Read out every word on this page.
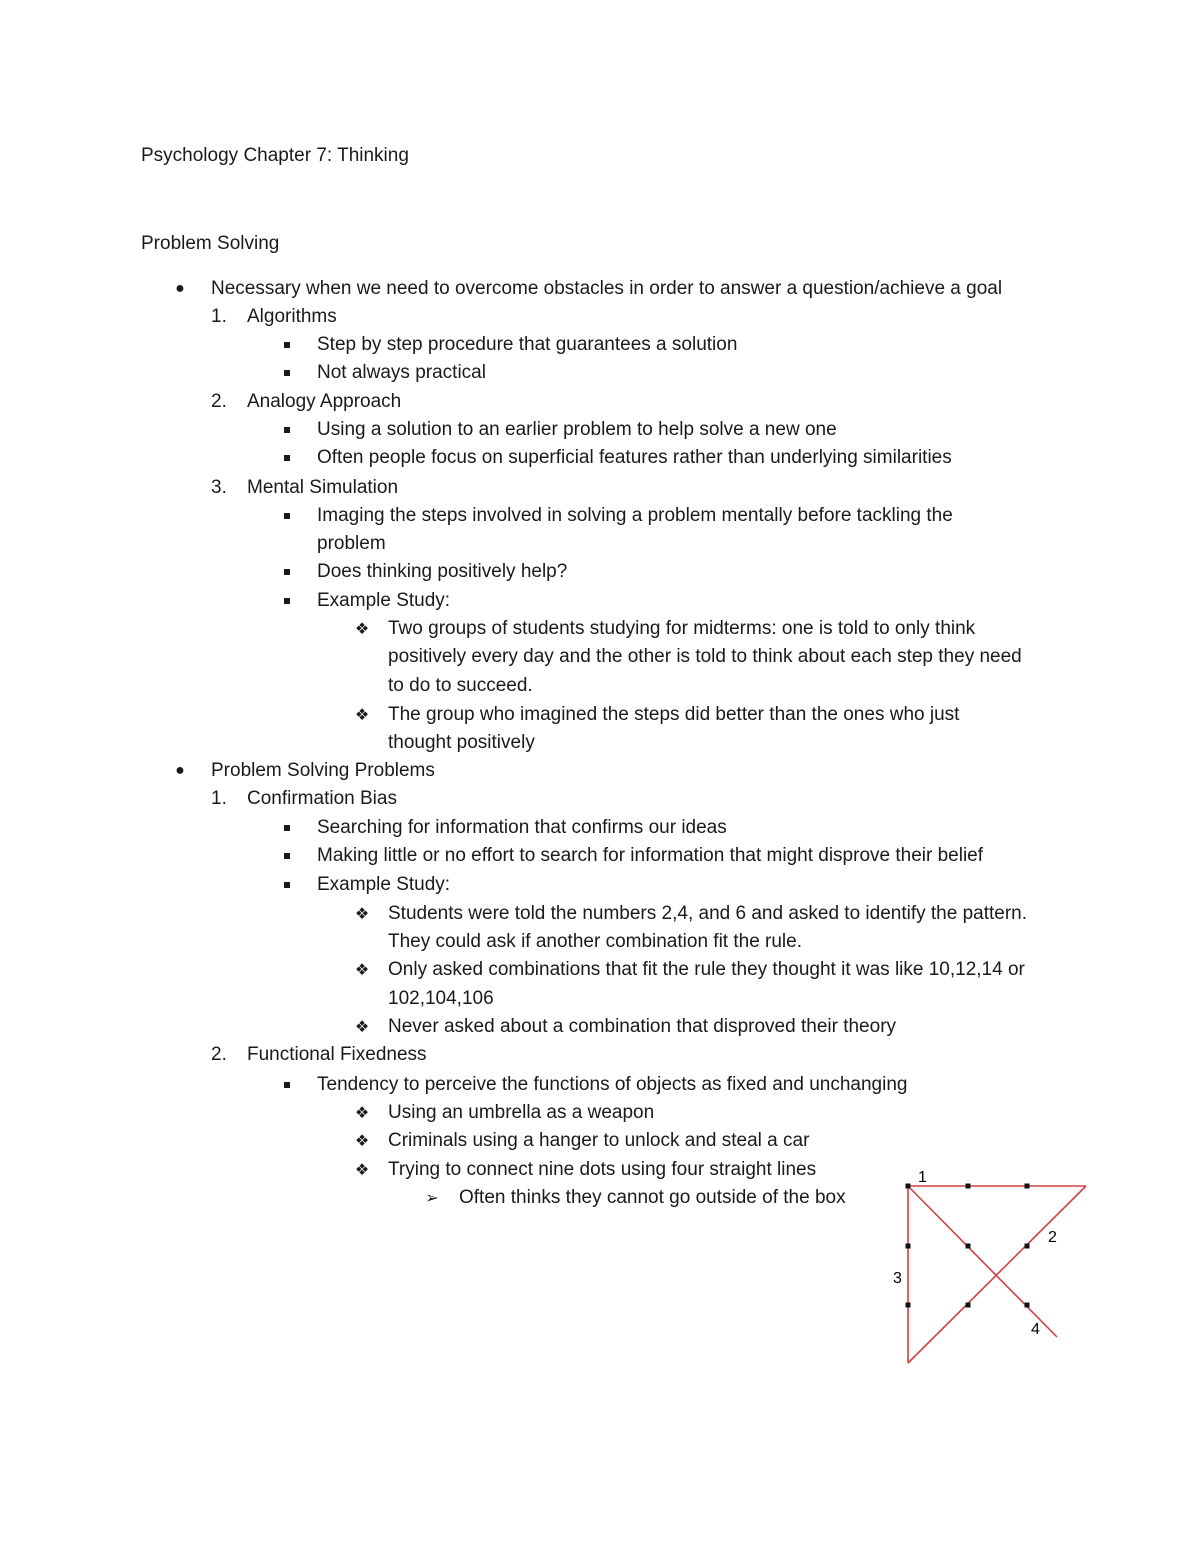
Psychology Chapter 7: Thinking
Problem Solving
● Necessary when we need to overcome obstacles in order to answer a question/achieve a goal
1. Algorithms
Step by step procedure that guarantees a solution
Not always practical
2. Analogy Approach
Using a solution to an earlier problem to help solve a new one
Often people focus on superficial features rather than underlying similarities
3. Mental Simulation
Imaging the steps involved in solving a problem mentally before tackling the
problem
Does thinking positively help?
Example Study:
❖ Two groups of students studying for midterms: one is told to only think
positively every day and the other is told to think about each step they need
to do to succeed.
❖ The group who imagined the steps did better than the ones who just
thought positively
● Problem Solving Problems
1. Confirmation Bias
Searching for information that confirms our ideas
Making little or no effort to search for information that might disprove their belief
Example Study:
❖ Students were told the numbers 2,4, and 6 and asked to identify the pattern.
They could ask if another combination fit the rule.
❖ Only asked combinations that fit the rule they thought it was like 10,12,14 or
102,104,106
❖ Never asked about a combination that disproved their theory
2. Functional Fixedness
Tendency to perceive the functions of objects as fixed and unchanging
❖ Using an umbrella as a weapon
❖ Criminals using a hanger to unlock and steal a car
❖ Trying to connect nine dots using four straight lines
➢ Often thinks they cannot go outside of the box
1
2
3
4
